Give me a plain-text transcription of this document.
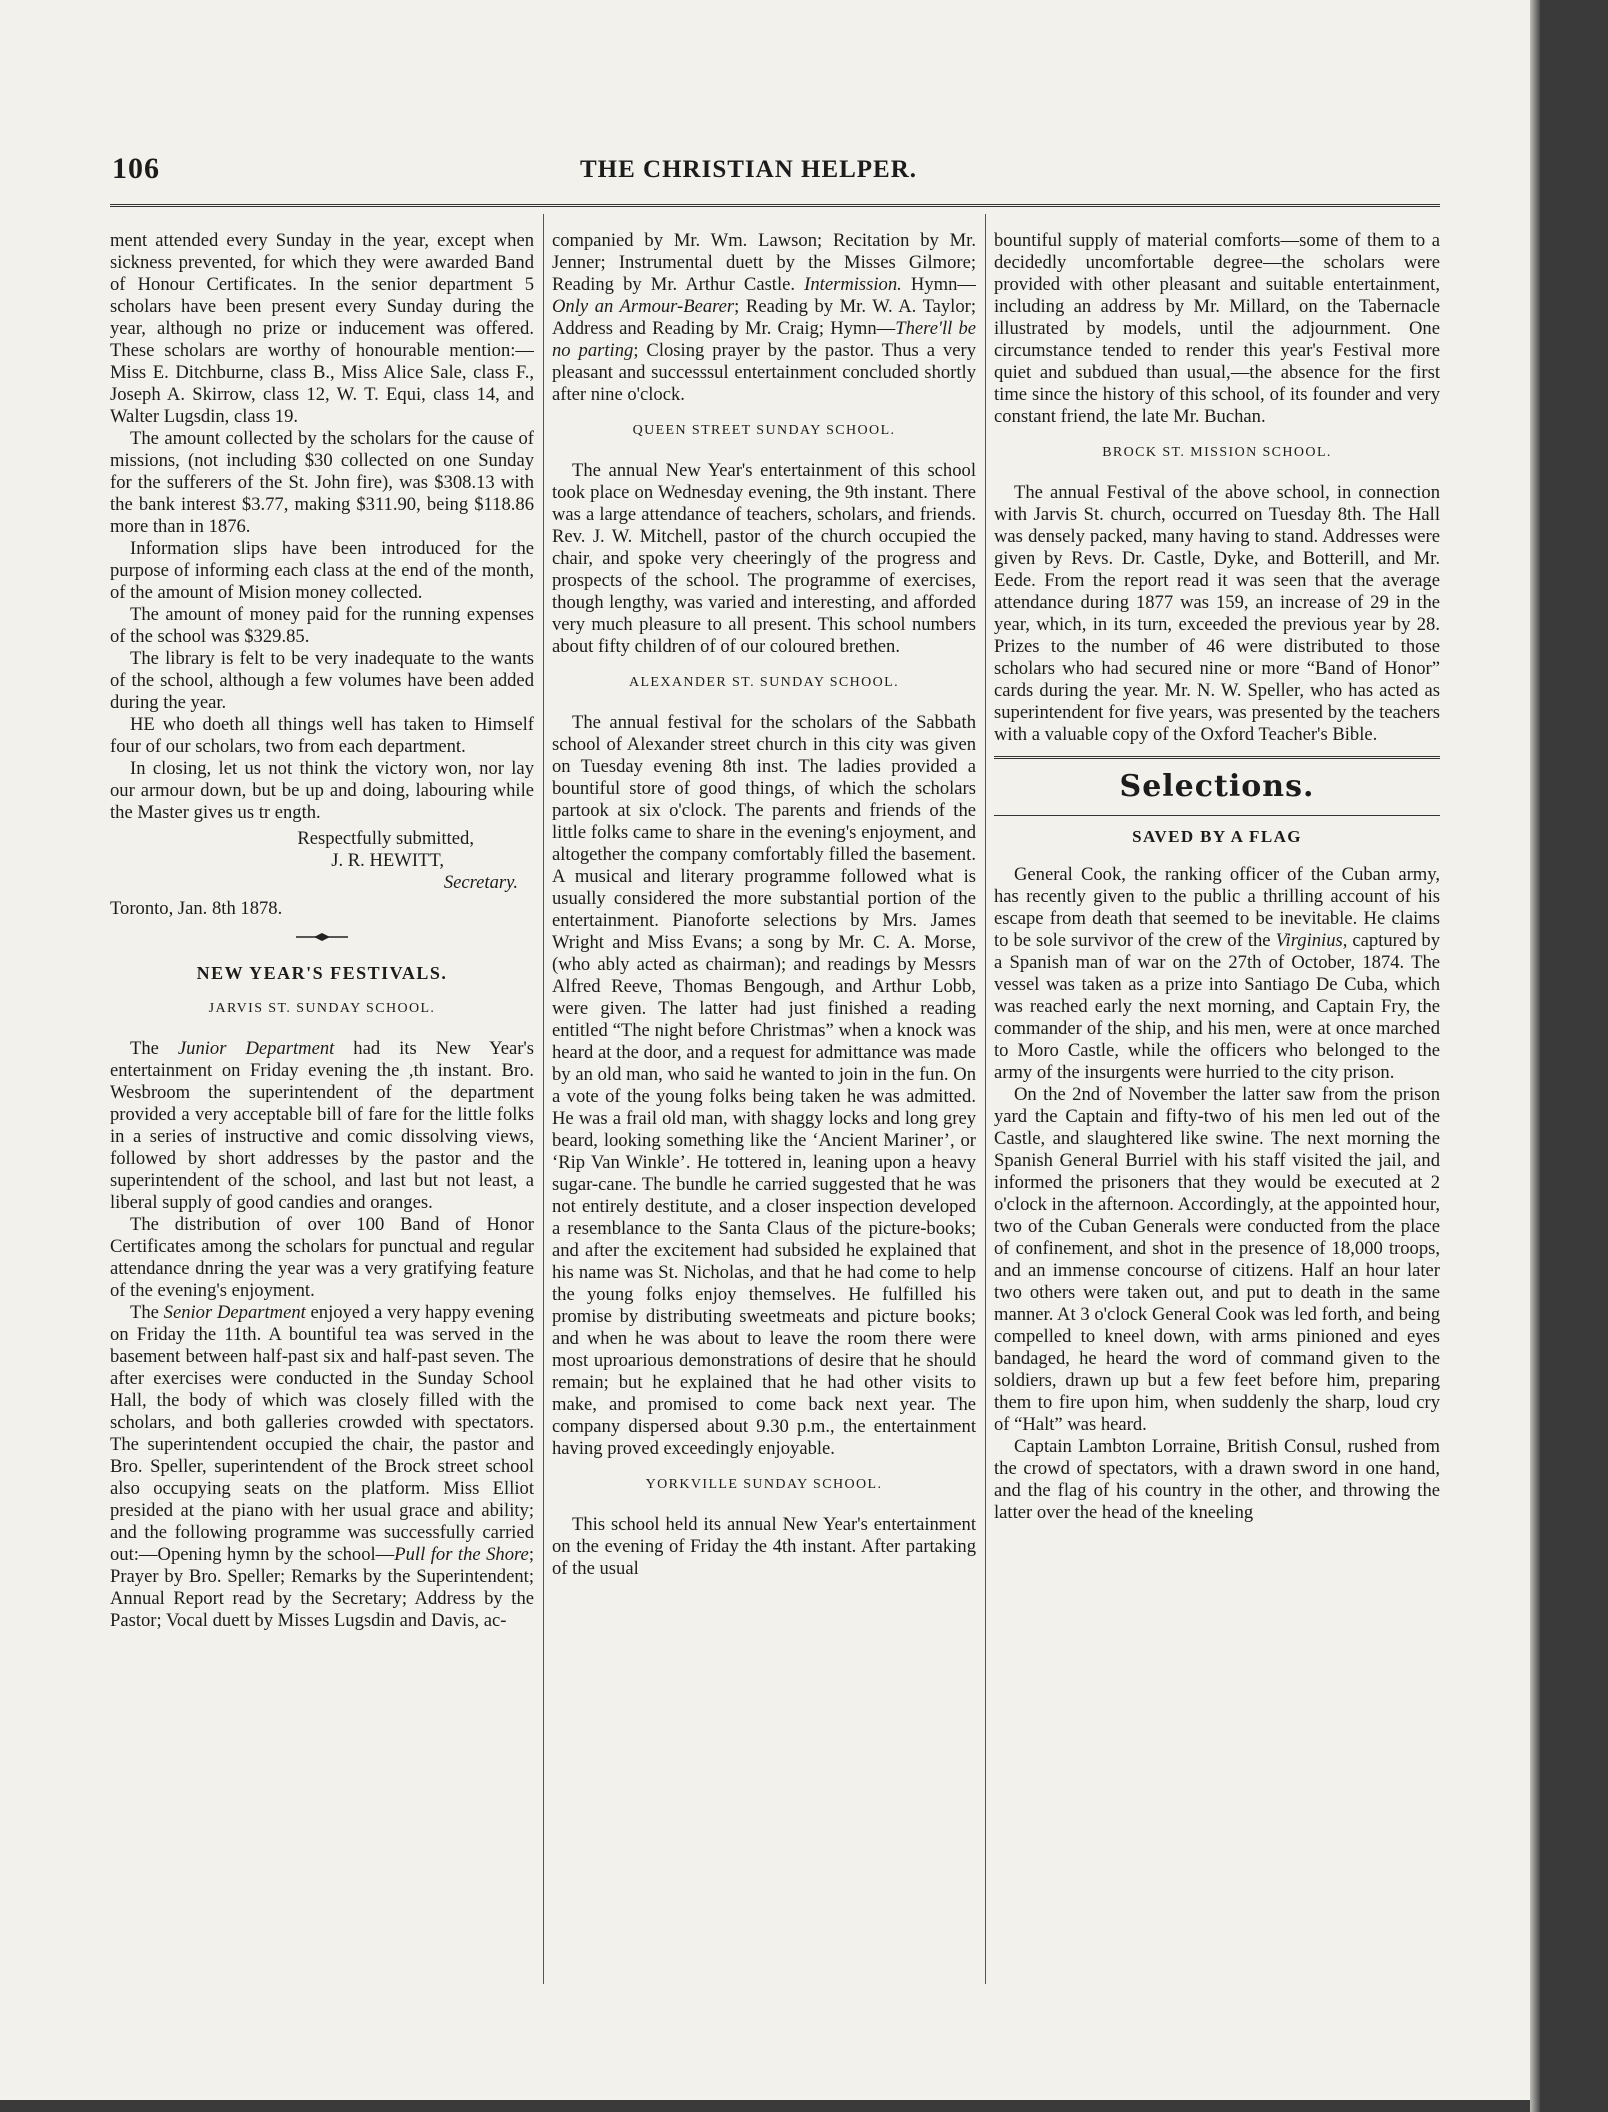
106	THE CHRISTIAN HELPER.

ment attended every Sunday in the year, except when sickness prevented, for which they were awarded Band of Honour Certificates. In the senior department 5 scholars have been present every Sunday during the year, although no prize or inducement was offered. These scholars are worthy of honourable mention:—Miss E. Ditchburne, class B., Miss Alice Sale, class F., Joseph A. Skirrow, class 12, W. T. Equi, class 14, and Walter Lugsdin, class 19.

The amount collected by the scholars for the cause of missions, (not including $30 collected on one Sunday for the sufferers of the St. John fire), was $308.13 with the bank interest $3.77, making $311.90, being $118.86 more than in 1876.

Information slips have been introduced for the purpose of informing each class at the end of the month, of the amount of Mision money collected.

The amount of money paid for the running expenses of the school was $329.85.

The library is felt to be very inadequate to the wants of the school, although a few volumes have been added during the year.

HE who doeth all things well has taken to Himself four of our scholars, two from each department.

In closing, let us not think the victory won, nor lay our armour down, but be up and doing, labouring while the Master gives us tr ength.

Respectfully submitted,
J. R. HEWITT,
Secretary.

Toronto, Jan. 8th 1878.

NEW YEAR'S FESTIVALS.
JARVIS ST. SUNDAY SCHOOL.

The Junior Department had its New Year's entertainment on Friday evening the ,th instant. Bro. Wesbroom the superintendent of the department provided a very acceptable bill of fare for the little folks in a series of instructive and comic dissolving views, followed by short addresses by the pastor and the superintendent of the school, and last but not least, a liberal supply of good candies and oranges.

The distribution of over 100 Band of Honor Certificates among the scholars for punctual and regular attendance dnring the year was a very gratifying feature of the evening's enjoyment.

The Senior Department enjoyed a very happy evening on Friday the 11th. A bountiful tea was served in the basement between half-past six and half-past seven. The after exercises were conducted in the Sunday School Hall, the body of which was closely filled with the scholars, and both galleries crowded with spectators. The superintendent occupied the chair, the pastor and Bro. Speller, superintendent of the Brock street school also occupying seats on the platform. Miss Elliot presided at the piano with her usual grace and ability; and the following programme was successfully carried out:—Opening hymn by the school—Pull for the Shore; Prayer by Bro. Speller; Remarks by the Superintendent; Annual Report read by the Secretary; Address by the Pastor; Vocal duett by Misses Lugsdin and Davis, ac-

companied by Mr. Wm. Lawson; Recitation by Mr. Jenner; Instrumental duett by the Misses Gilmore; Reading by Mr. Arthur Castle. Intermission. Hymn—Only an Armour-Bearer; Reading by Mr. W. A. Taylor; Address and Reading by Mr. Craig; Hymn—There'll be no parting; Closing prayer by the pastor. Thus a very pleasant and successsul entertainment concluded shortly after nine o'clock.

QUEEN STREET SUNDAY SCHOOL.

The annual New Year's entertainment of this school took place on Wednesday evening, the 9th instant. There was a large attendance of teachers, scholars, and friends. Rev. J. W. Mitchell, pastor of the church occupied the chair, and spoke very cheeringly of the progress and prospects of the school. The programme of exercises, though lengthy, was varied and interesting, and afforded very much pleasure to all present. This school numbers about fifty children of of our coloured brethen.

ALEXANDER ST. SUNDAY SCHOOL.

The annual festival for the scholars of the Sabbath school of Alexander street church in this city was given on Tuesday evening 8th inst. The ladies provided a bountiful store of good things, of which the scholars partook at six o'clock. The parents and friends of the little folks came to share in the evening's enjoyment, and altogether the company comfortably filled the basement. A musical and literary programme followed what is usually considered the more substantial portion of the entertainment. Pianoforte selections by Mrs. James Wright and Miss Evans; a song by Mr. C. A. Morse, (who ably acted as chairman); and readings by Messrs Alfred Reeve, Thomas Bengough, and Arthur Lobb, were given. The latter had just finished a reading entitled “The night before Christmas” when a knock was heard at the door, and a request for admittance was made by an old man, who said he wanted to join in the fun. On a vote of the young folks being taken he was admitted. He was a frail old man, with shaggy locks and long grey beard, looking something like the ‘Ancient Mariner’, or ‘Rip Van Winkle’. He tottered in, leaning upon a heavy sugar-cane. The bundle he carried suggested that he was not entirely destitute, and a closer inspection developed a resemblance to the Santa Claus of the picture-books; and after the excitement had subsided he explained that his name was St. Nicholas, and that he had come to help the young folks enjoy themselves. He fulfilled his promise by distributing sweetmeats and picture books; and when he was about to leave the room there were most uproarious demonstrations of desire that he should remain; but he explained that he had other visits to make, and promised to come back next year. The company dispersed about 9.30 p.m., the entertainment having proved exceedingly enjoyable.

YORKVILLE SUNDAY SCHOOL.

This school held its annual New Year's entertainment on the evening of Friday the 4th instant. After partaking of the usual

bountiful supply of material comforts—some of them to a decidedly uncomfortable degree—the scholars were provided with other pleasant and suitable entertainment, including an address by Mr. Millard, on the Tabernacle illustrated by models, until the adjournment. One circumstance tended to render this year's Festival more quiet and subdued than usual,—the absence for the first time since the history of this school, of its founder and very constant friend, the late Mr. Buchan.

BROCK ST. MISSION SCHOOL.

The annual Festival of the above school, in connection with Jarvis St. church, occurred on Tuesday 8th. The Hall was densely packed, many having to stand. Addresses were given by Revs. Dr. Castle, Dyke, and Botterill, and Mr. Eede. From the report read it was seen that the average attendance during 1877 was 159, an increase of 29 in the year, which, in its turn, exceeded the previous year by 28. Prizes to the number of 46 were distributed to those scholars who had secured nine or more “Band of Honor” cards during the year. Mr. N. W. Speller, who has acted as superintendent for five years, was presented by the teachers with a valuable copy of the Oxford Teacher's Bible.

Selections.
SAVED BY A FLAG

General Cook, the ranking officer of the Cuban army, has recently given to the public a thrilling account of his escape from death that seemed to be inevitable. He claims to be sole survivor of the crew of the Virginius, captured by a Spanish man of war on the 27th of October, 1874. The vessel was taken as a prize into Santiago De Cuba, which was reached early the next morning, and Captain Fry, the commander of the ship, and his men, were at once marched to Moro Castle, while the officers who belonged to the army of the insurgents were hurried to the city prison.

On the 2nd of November the latter saw from the prison yard the Captain and fifty-two of his men led out of the Castle, and slaughtered like swine. The next morning the Spanish General Burriel with his staff visited the jail, and informed the prisoners that they would be executed at 2 o'clock in the afternoon. Accordingly, at the appointed hour, two of the Cuban Generals were conducted from the place of confinement, and shot in the presence of 18,000 troops, and an immense concourse of citizens. Half an hour later two others were taken out, and put to death in the same manner. At 3 o'clock General Cook was led forth, and being compelled to kneel down, with arms pinioned and eyes bandaged, he heard the word of command given to the soldiers, drawn up but a few feet before him, preparing them to fire upon him, when suddenly the sharp, loud cry of “Halt” was heard.

Captain Lambton Lorraine, British Consul, rushed from the crowd of spectators, with a drawn sword in one hand, and the flag of his country in the other, and throwing the latter over the head of the kneeling
